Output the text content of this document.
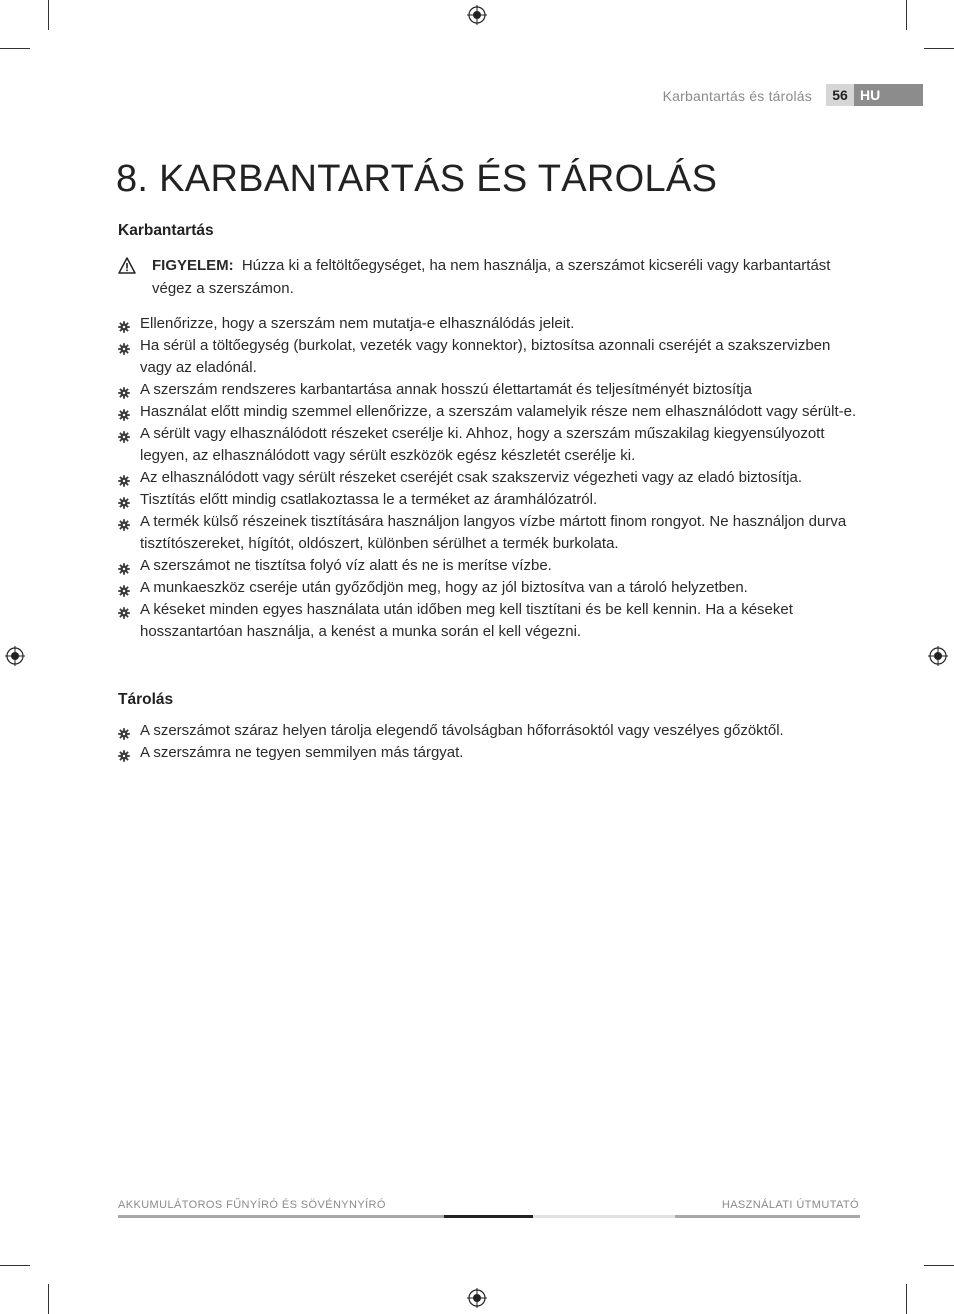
Karbantartás és tárolás	56 HU
8. KARBANTARTÁS ÉS TÁROLÁS
Karbantartás
FIGYELEM: Húzza ki a feltöltőegységet, ha nem használja, a szerszámot kicseréli vagy karbantartást végez a szerszámon.
Ellenőrizze, hogy a szerszám nem mutatja-e elhasználódás jeleit.
Ha sérül a töltőegység (burkolat, vezeték vagy konnektor), biztosítsa azonnali cseréjét a szakszervizben vagy az eladónál.
A szerszám rendszeres karbantartása annak hosszú élettartamát és teljesítményét biztosítja
Használat előtt mindig szemmel ellenőrizze, a szerszám valamelyik része nem elhasználódott vagy sérült-e.
A sérült vagy elhasználódott részeket cserélje ki. Ahhoz, hogy a szerszám műszakilag kiegyensúlyozott legyen, az elhasználódott vagy sérült eszközök egész készletét cserélje ki.
Az elhasználódott vagy sérült részeket cseréjét csak szakszerviz végezheti vagy az eladó biztosítja.
Tisztítás előtt mindig csatlakoztassa le a terméket az áramhálózatról.
A termék külső részeinek tisztítására használjon langyos vízbe mártott finom rongyot. Ne használjon durva tisztítószereket, hígítót, oldószert, különben sérülhet a termék burkolata.
A szerszámot ne tisztítsa folyó víz alatt és ne is merítse vízbe.
A munkaeszköz cseréje után győződjön meg, hogy az jól biztosítva van a tároló helyzetben.
A késeket minden egyes használata után időben meg kell tisztítani és be kell kennin. Ha a késeket hosszantartóan használja, a kenést a munka során el kell végezni.
Tárolás
A szerszámot száraz helyen tárolja elegendő távolságban hőforrásoktól vagy veszélyes gőzöktől.
A szerszámra ne tegyen semmilyen más tárgyat.
AKKUMULÁTOROS FŰNYÍRÓ ÉS SÖVÉNYNYÍRÓ	HASZNÁLATI ÚTMUTATÓ
